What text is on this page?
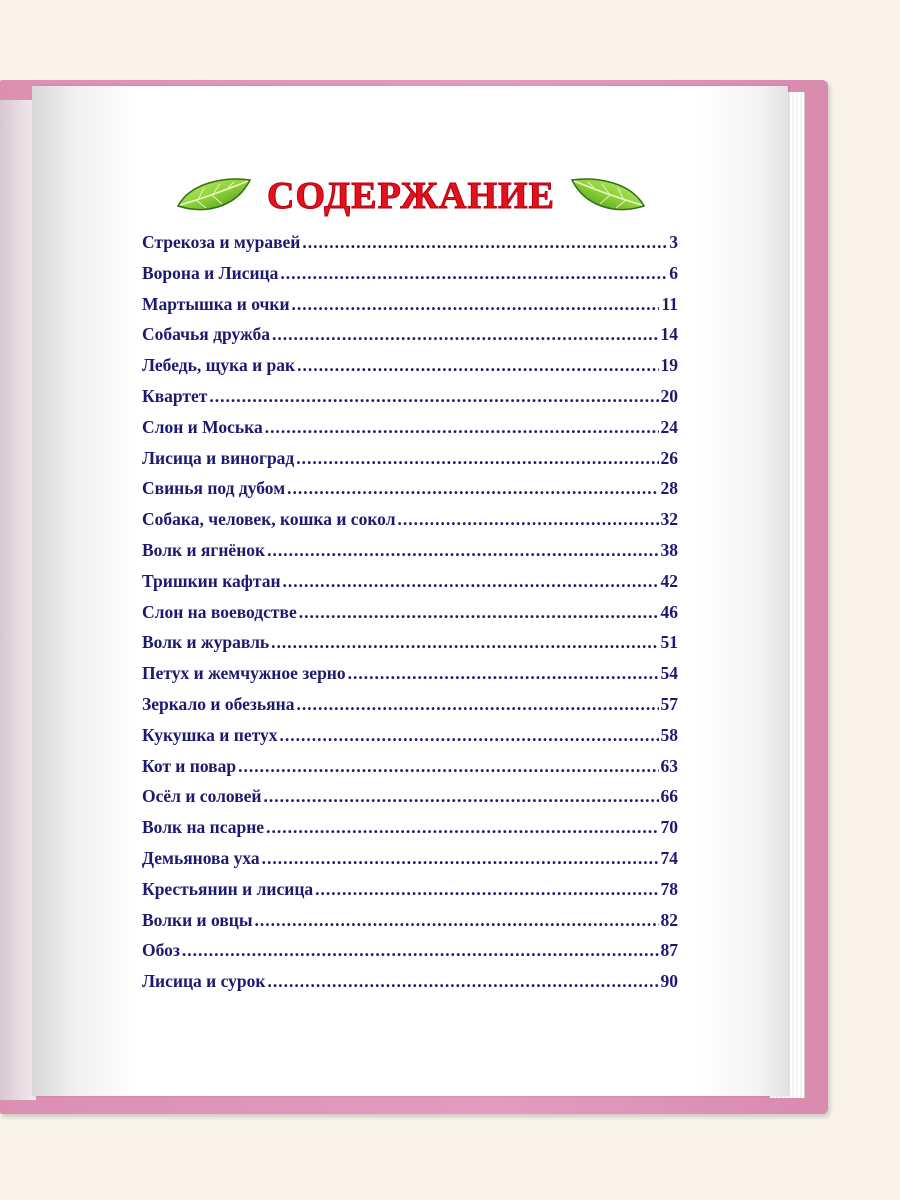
СОДЕРЖАНИЕ
Стрекоза и муравей .....	3
Ворона и Лисица .....	6
Мартышка и очки .....	11
Собачья дружба .....	14
Лебедь, щука и рак .....	19
Квартет .....	20
Слон и Моська .....	24
Лисица и виноград .....	26
Свинья под дубом .....	28
Собака, человек, кошка и сокол .....	32
Волк и ягнёнок .....	38
Тришкин кафтан .....	42
Слон на воеводстве .....	46
Волк и журавль .....	51
Петух и жемчужное зерно .....	54
Зеркало и обезьяна .....	57
Кукушка и петух .....	58
Кот и повар .....	63
Осёл и соловей .....	66
Волк на псарне .....	70
Демьянова уха .....	74
Крестьянин и лисица .....	78
Волки и овцы .....	82
Обоз .....	87
Лисица и сурок .....	90
